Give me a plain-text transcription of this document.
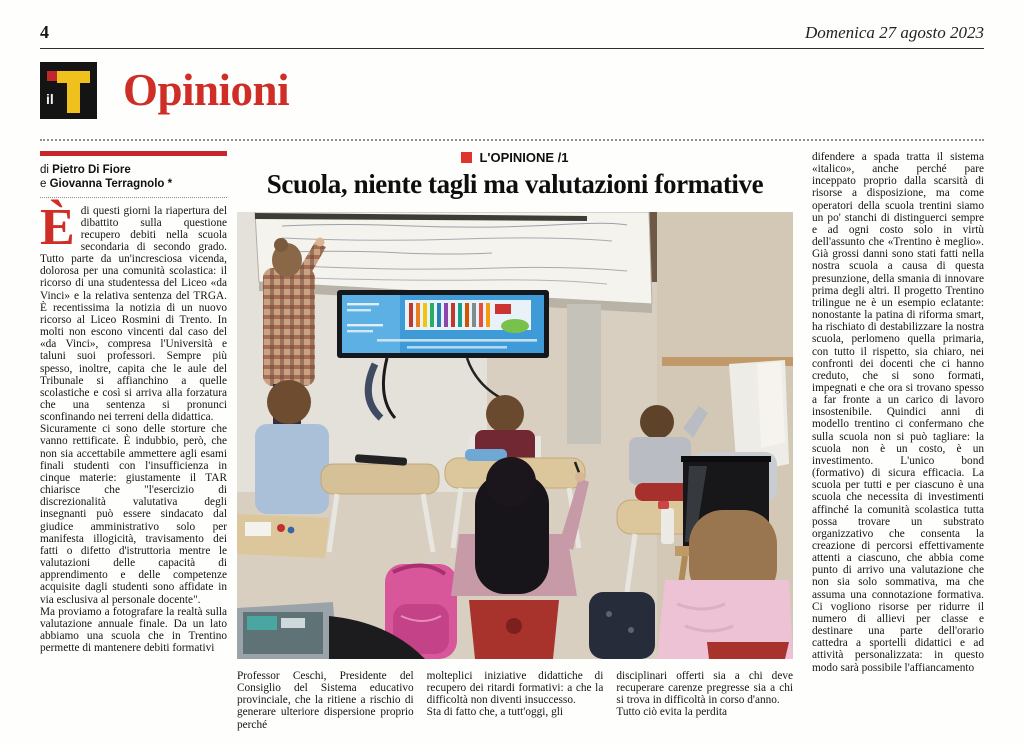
4	Domenica 27 agosto 2023
il Opinioni
di Pietro Di Fiore
e Giovanna Terragnolo *

Èdi questi giorni la riapertura del dibattito sulla questione recupero debiti nella scuola secondaria di secondo grado. Tutto parte da un'incresciosa vicenda, dolorosa per una comunità scolastica: il ricorso di una studentessa del Liceo «da Vinci» e la relativa sentenza del TRGA. È recentissima la notizia di un nuovo ricorso al Liceo Rosmini di Trento. In molti non escono vincenti dal caso del «da Vinci», compresa l'Università e taluni suoi professori. Sempre più spesso, inoltre, capita che le aule del Tribunale si affianchino a quelle scolastiche e così si arriva alla forzatura che una sentenza si pronunci sconfinando nei terreni della didattica.

Sicuramente ci sono delle storture che vanno rettificate. È indubbio, però, che non sia accettabile ammettere agli esami finali studenti con l'insufficienza in cinque materie: giustamente il TAR chiarisce che "l'esercizio di discrezionalità valutativa degli insegnanti può essere sindacato dal giudice amministrativo solo per manifesta illogicità, travisamento dei fatti o difetto d'istruttoria mentre le valutazioni delle capacità di apprendimento e delle competenze acquisite dagli studenti sono affidate in via esclusiva al personale docente".

Ma proviamo a fotografare la realtà sulla valutazione annuale finale. Da un lato abbiamo una scuola che in Trentino permette di mantenere debiti formativi

L'OPINIONE /1
Scuola, niente tagli ma valutazioni formative

Professor Ceschi, Presidente del Consiglio del Sistema educativo provinciale, che la ritiene a rischio di generare ulteriore dispersione proprio perché

molteplici iniziative didattiche di recupero dei ritardi formativi: a che la difficoltà non diventi insuccesso.

Sta di fatto che, a tutt'oggi, gli

disciplinari offerti sia a chi deve recuperare carenze pregresse sia a chi si trova in difficoltà in corso d'anno.

Tutto ciò evita la perdita

difendere a spada tratta il sistema «italico», anche perché pare inceppato proprio dalla scarsità di risorse a disposizione, ma come operatori della scuola trentini siamo un po' stanchi di distinguerci sempre e ad ogni costo solo in virtù dell'assunto che «Trentino è meglio». Già grossi danni sono stati fatti nella nostra scuola a causa di questa presunzione, della smania di innovare prima degli altri. Il progetto Trentino trilingue ne è un esempio eclatante: nonostante la patina di riforma smart, ha rischiato di destabilizzare la nostra scuola, perlomeno quella primaria, con tutto il rispetto, sia chiaro, nei confronti dei docenti che ci hanno creduto, che si sono formati, impegnati e che ora si trovano spesso a far fronte a un carico di lavoro insostenibile. Quindici anni di modello trentino ci confermano che sulla scuola non si può tagliare: la scuola non è un costo, è un investimento. L'unico bond (formativo) di sicura efficacia. La scuola per tutti e per ciascuno è una scuola che necessita di investimenti affinché la comunità scolastica tutta possa trovare un substrato organizzativo che consenta la creazione di percorsi effettivamente attenti a ciascuno, che abbia come punto di arrivo una valutazione che non sia solo sommativa, ma che assuma una connotazione formativa. Ci vogliono risorse per ridurre il numero di allievi per classe e destinare una parte dell'orario cattedra a sportelli didattici e ad attività personalizzata: in questo modo sarà possibile l'affiancamento
